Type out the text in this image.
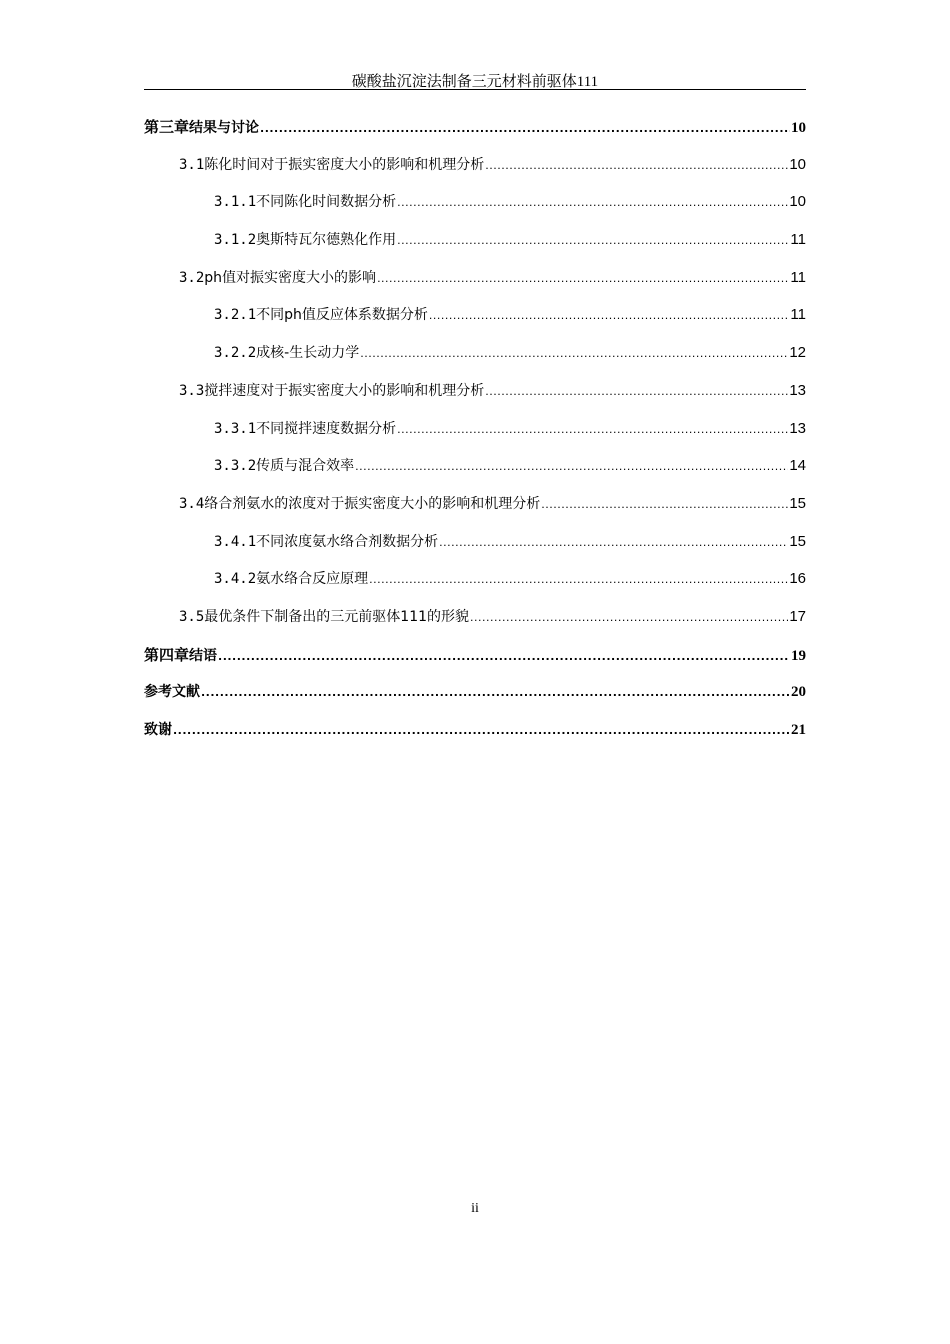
碳酸盐沉淀法制备三元材料前驱体111
第三章 结果与讨论 .....	10
3.1 陈化时间对于振实密度大小的影响和机理分析 .....	10
3.1.1 不同陈化时间数据分析 .....	10
3.1.2 奥斯特瓦尔德熟化作用 .....	11
3.2 ph值对振实密度大小的影响 .....	11
3.2.1 不同ph值反应体系数据分析 .....	11
3.2.2 成核-生长动力学 .....	12
3.3 搅拌速度对于振实密度大小的影响和机理分析 .....	13
3.3.1 不同搅拌速度数据分析 .....	13
3.3.2 传质与混合效率 .....	14
3.4 络合剂氨水的浓度对于振实密度大小的影响和机理分析 .....	15
3.4.1 不同浓度氨水络合剂数据分析 .....	15
3.4.2 氨水络合反应原理 .....	16
3.5 最优条件下制备出的三元前驱体111的形貌 .....	17
第四章 结语 .....	19
参考文献 .....	20
致谢 .....	21
ii
